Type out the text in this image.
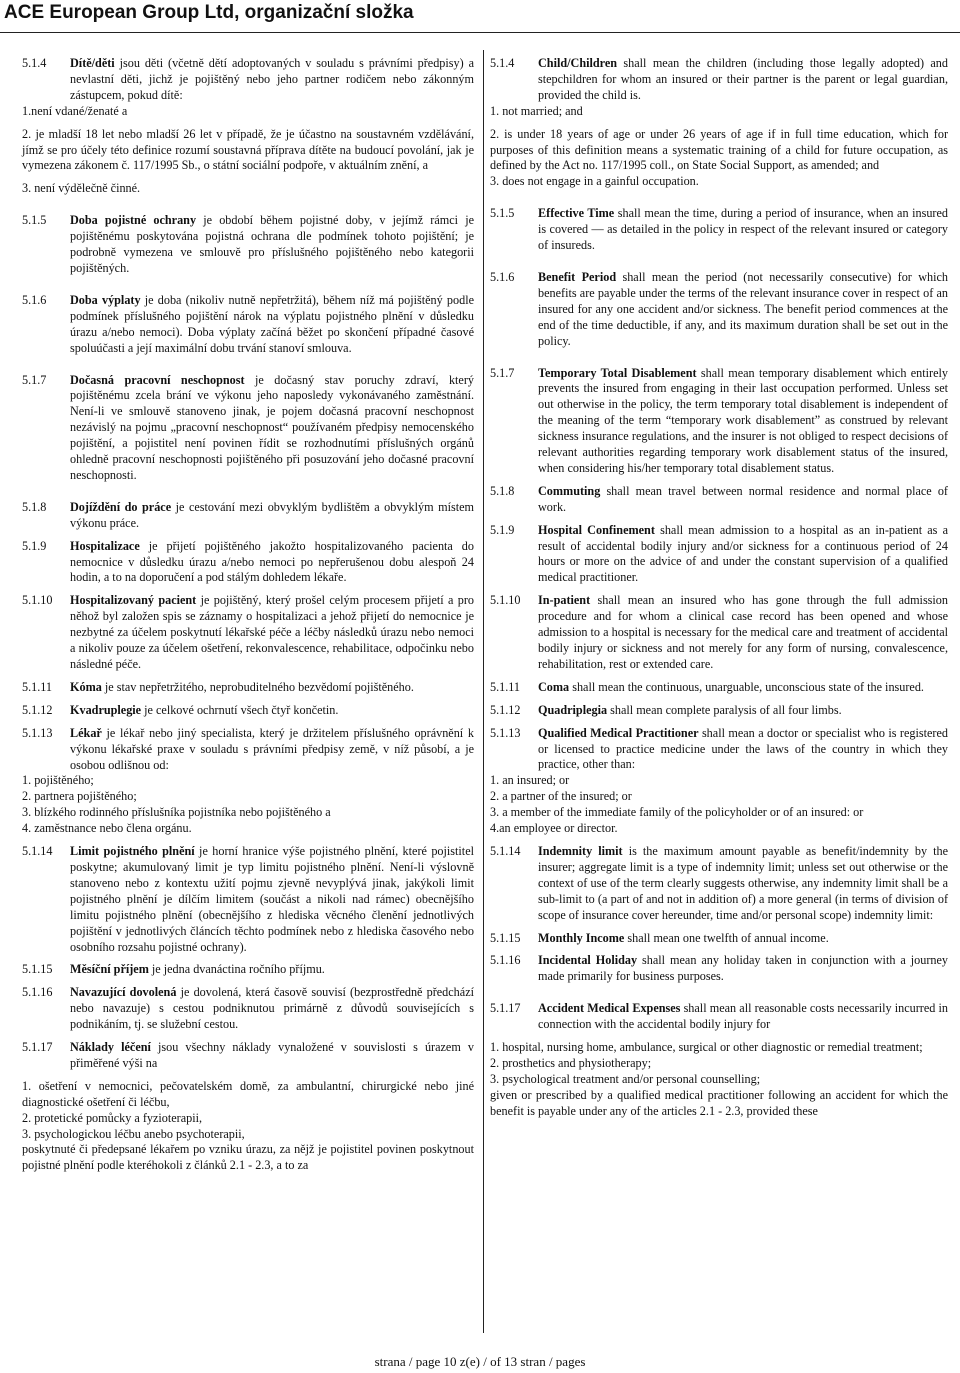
ACE European Group Ltd, organizační složka
5.1.4	Dítě/děti jsou děti (včetně dětí adoptovaných v souladu s právními předpisy) a nevlastní děti, jichž je pojištěný nebo jeho partner rodičem nebo zákonným zástupcem, pokud dítě:
1.není vdané/ženaté a
2. je mladší 18 let nebo mladší 26 let v případě, že je účastno na soustavném vzdělávání, jímž se pro účely této definice rozumí soustavná příprava dítěte na budoucí povolání, jak je vymezena zákonem č. 117/1995 Sb., o státní sociální podpoře, v aktuálním znění, a
3. není výdělečně činné.
5.1.5	Doba pojistné ochrany je období během pojistné doby, v jejímž rámci je pojištěnému poskytována pojistná ochrana dle podmínek tohoto pojištění; je podrobně vymezena ve smlouvě pro příslušného pojištěného nebo kategorii pojištěných.
5.1.6	Doba výplaty je doba (nikoliv nutně nepřetržitá), během níž má pojištěný podle podmínek příslušného pojištění nárok na výplatu pojistného plnění v důsledku úrazu a/nebo nemoci). Doba výplaty začíná běžet po skončení případné časové spoluúčasti a její maximální dobu trvání stanoví smlouva.
5.1.7	Dočasná pracovní neschopnost je dočasný stav poruchy zdraví, který pojištěnému zcela brání ve výkonu jeho naposledy vykonávaného zaměstnání. Není-li ve smlouvě stanoveno jinak, je pojem dočasná pracovní neschopnost nezávislý na pojmu „pracovní neschopnost“ používaném předpisy nemocenského pojištění, a pojistitel není povinen řídit se rozhodnutími příslušných orgánů ohledně pracovní neschopnosti pojištěného při posuzování jeho dočasné pracovní neschopnosti.
5.1.8	Dojíždění do práce je cestování mezi obvyklým bydlištěm a obvyklým místem výkonu práce.
5.1.9	Hospitalizace je přijetí pojištěného jakožto hospitalizovaného pacienta do nemocnice v důsledku úrazu a/nebo nemoci po nepřerušenou dobu alespoň 24 hodin, a to na doporučení a pod stálým dohledem lékaře.
5.1.10	Hospitalizovaný pacient je pojištěný, který prošel celým procesem přijetí a pro něhož byl založen spis se záznamy o hospitalizaci a jehož přijetí do nemocnice je nezbytné za účelem poskytnutí lékařské péče a léčby následků úrazu nebo nemoci a nikoliv pouze za účelem ošetření, rekonvalescence, rehabilitace, odpočinku nebo následné péče.
5.1.11	Kóma je stav nepřetržitého, neprobuditelného bezvědomí pojištěného.
5.1.12	Kvadruplegie je celkové ochrnutí všech čtyř končetin.
5.1.13	Lékař je lékař nebo jiný specialista, který je držitelem příslušného oprávnění k výkonu lékařské praxe v souladu s právními předpisy země, v níž působí, a je osobou odlišnou od:
1. pojištěného;
2. partnera pojištěného;
3. blízkého rodinného příslušníka pojistníka nebo pojištěného a
4. zaměstnance nebo člena orgánu.
5.1.14	Limit pojistného plnění je horní hranice výše pojistného plnění, které pojistitel poskytne; akumulovaný limit je typ limitu pojistného plnění. Není-li výslovně stanoveno nebo z kontextu užití pojmu zjevně nevyplývá jinak, jakýkoli limit pojistného plnění je dílčím limitem (součást a nikoli nad rámec) obecnějšího limitu pojistného plnění (obecnějšího z hlediska věcného členění jednotlivých pojištění v jednotlivých článcích těchto podmínek nebo z hlediska časového nebo osobního rozsahu pojistné ochrany).
5.1.15	Měsíční příjem je jedna dvanáctina ročního příjmu.
5.1.16	Navazující dovolená je dovolená, která časově souvisí (bezprostředně předchází nebo navazuje) s cestou podniknutou primárně z důvodů souvisejících s podnikáním, tj. se služební cestou.
5.1.17	Náklady léčení jsou všechny náklady vynaložené v souvislosti s úrazem v přiměřené výši na
1. ošetření v nemocnici, pečovatelském domě, za ambulantní, chirurgické nebo jiné diagnostické ošetření či léčbu,
2. protetické pomůcky a fyzioterapii,
3. psychologickou léčbu anebo psychoterapii,
poskytnuté či předepsané lékařem po vzniku úrazu, za nějž je pojistitel povinen poskytnout pojistné plnění podle kteréhokoli z článků 2.1 - 2.3, a to za
5.1.4	Child/Children shall mean the children (including those legally adopted) and stepchildren for whom an insured or their partner is the parent or legal guardian, provided the child is.
1. not married; and
2. is under 18 years of age or under 26 years of age if in full time education, which for purposes of this definition means a systematic training of a child for future occupation, as defined by the Act no. 117/1995 coll., on State Social Support, as amended; and
3. does not engage in a gainful occupation.
5.1.5	Effective Time shall mean the time, during a period of insurance, when an insured is covered — as detailed in the policy in respect of the relevant insured or category of insureds.
5.1.6	Benefit Period shall mean the period (not necessarily consecutive) for which benefits are payable under the terms of the relevant insurance cover in respect of an insured for any one accident and/or sickness. The benefit period commences at the end of the time deductible, if any, and its maximum duration shall be set out in the policy.
5.1.7	Temporary Total Disablement shall mean temporary disablement which entirely prevents the insured from engaging in their last occupation performed. Unless set out otherwise in the policy, the term temporary total disablement is independent of the meaning of the term “temporary work disablement” as construed by relevant sickness insurance regulations, and the insurer is not obliged to respect decisions of relevant authorities regarding temporary work disablement status of the insured, when considering his/her temporary total disablement status.
5.1.8	Commuting shall mean travel between normal residence and normal place of work.
5.1.9	Hospital Confinement shall mean admission to a hospital as an in-patient as a result of accidental bodily injury and/or sickness for a continuous period of 24 hours or more on the advice of and under the constant supervision of a qualified medical practitioner.
5.1.10	In-patient shall mean an insured who has gone through the full admission procedure and for whom a clinical case record has been opened and whose admission to a hospital is necessary for the medical care and treatment of accidental bodily injury or sickness and not merely for any form of nursing, convalescence, rehabilitation, rest or extended care.
5.1.11	Coma shall mean the continuous, unarguable, unconscious state of the insured.
5.1.12	Quadriplegia shall mean complete paralysis of all four limbs.
5.1.13	Qualified Medical Practitioner shall mean a doctor or specialist who is registered or licensed to practice medicine under the laws of the country in which they practice, other than:
1. an insured; or
2. a partner of the insured; or
3. a member of the immediate family of the policyholder or of an insured: or
4.an employee or director.
5.1.14	Indemnity limit is the maximum amount payable as benefit/indemnity by the insurer; aggregate limit is a type of indemnity limit; unless set out otherwise or the context of use of the term clearly suggests otherwise, any indemnity limit shall be a sub-limit to (a part of and not in addition of) a more general (in terms of division of scope of insurance cover hereunder, time and/or personal scope) indemnity limit:
5.1.15	Monthly Income shall mean one twelfth of annual income.
5.1.16	Incidental Holiday shall mean any holiday taken in conjunction with a journey made primarily for business purposes.
5.1.17	Accident Medical Expenses shall mean all reasonable costs necessarily incurred in connection with the accidental bodily injury for
1. hospital, nursing home, ambulance, surgical or other diagnostic or remedial treatment;
2. prosthetics and physiotherapy;
3. psychological treatment and/or personal counselling;
given or prescribed by a qualified medical practitioner following an accident for which the benefit is payable under any of the articles 2.1 - 2.3, provided these
strana / page 10 z(e) / of 13 stran / pages
